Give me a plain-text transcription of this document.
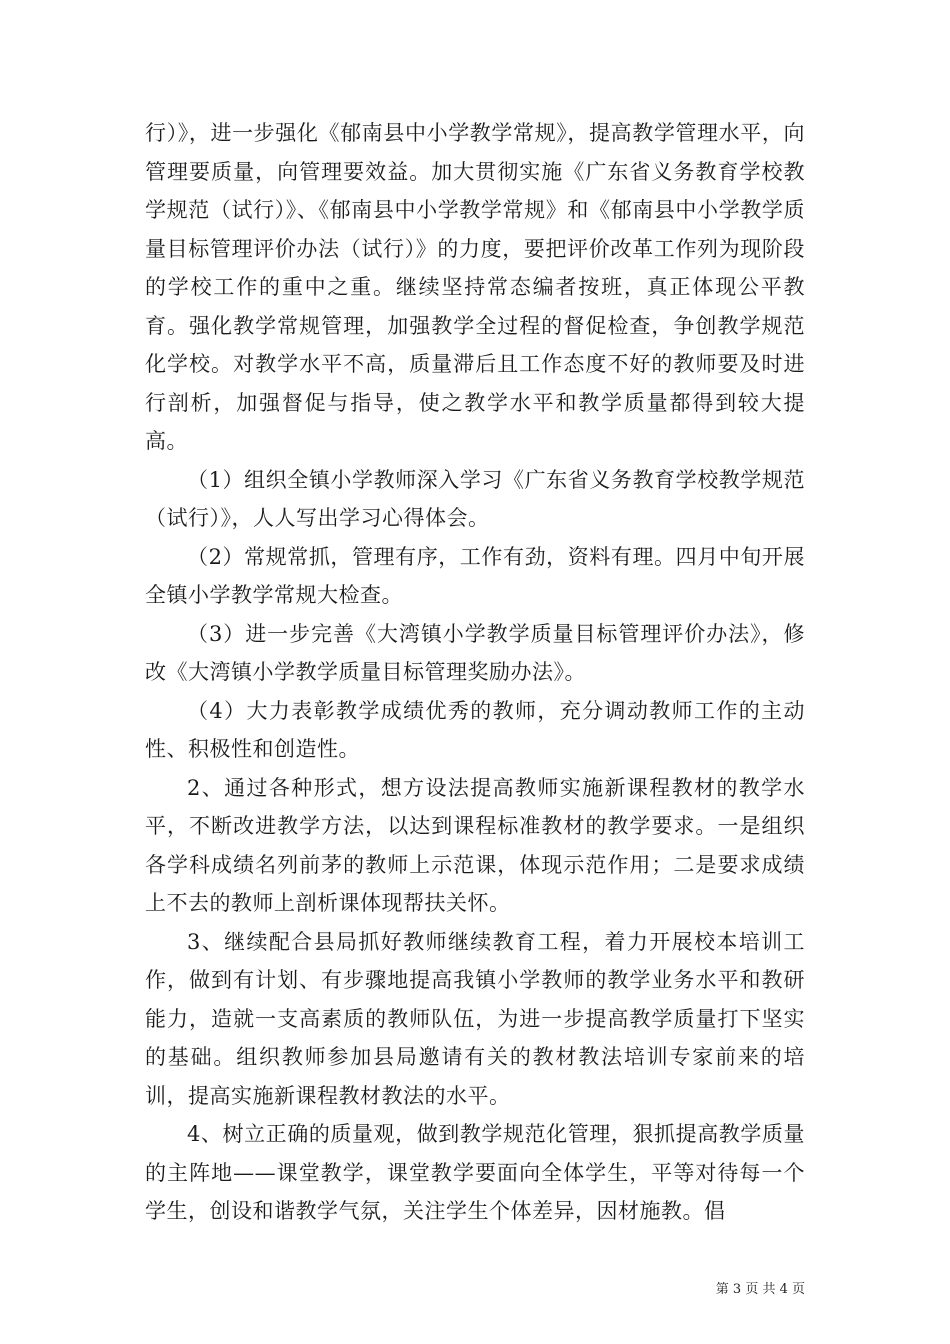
行）》，进一步强化《郁南县中小学教学常规》，提高教学管理水平，向管理要质量，向管理要效益。加大贯彻实施《广东省义务教育学校教学规范（试行）》、《郁南县中小学教学常规》和《郁南县中小学教学质量目标管理评价办法（试行）》的力度，要把评价改革工作列为现阶段的学校工作的重中之重。继续坚持常态编者按班，真正体现公平教育。强化教学常规管理，加强教学全过程的督促检查，争创教学规范化学校。对教学水平不高，质量滞后且工作态度不好的教师要及时进行剖析，加强督促与指导，使之教学水平和教学质量都得到较大提高。

（1）组织全镇小学教师深入学习《广东省义务教育学校教学规范（试行）》，人人写出学习心得体会。

（2）常规常抓，管理有序，工作有劲，资料有理。四月中旬开展全镇小学教学常规大检查。

（3）进一步完善《大湾镇小学教学质量目标管理评价办法》，修改《大湾镇小学教学质量目标管理奖励办法》。

（4）大力表彰教学成绩优秀的教师，充分调动教师工作的主动性、积极性和创造性。

2、通过各种形式，想方设法提高教师实施新课程教材的教学水平，不断改进教学方法，以达到课程标准教材的教学要求。一是组织各学科成绩名列前茅的教师上示范课，体现示范作用；二是要求成绩上不去的教师上剖析课体现帮扶关怀。

3、继续配合县局抓好教师继续教育工程，着力开展校本培训工作，做到有计划、有步骤地提高我镇小学教师的教学业务水平和教研能力，造就一支高素质的教师队伍，为进一步提高教学质量打下坚实的基础。组织教师参加县局邀请有关的教材教法培训专家前来的培训，提高实施新课程教材教法的水平。

4、树立正确的质量观，做到教学规范化管理，狠抓提高教学质量的主阵地——课堂教学，课堂教学要面向全体学生，平等对待每一个学生，创设和谐教学气氛，关注学生个体差异，因材施教。倡

第 3 页 共 4 页
